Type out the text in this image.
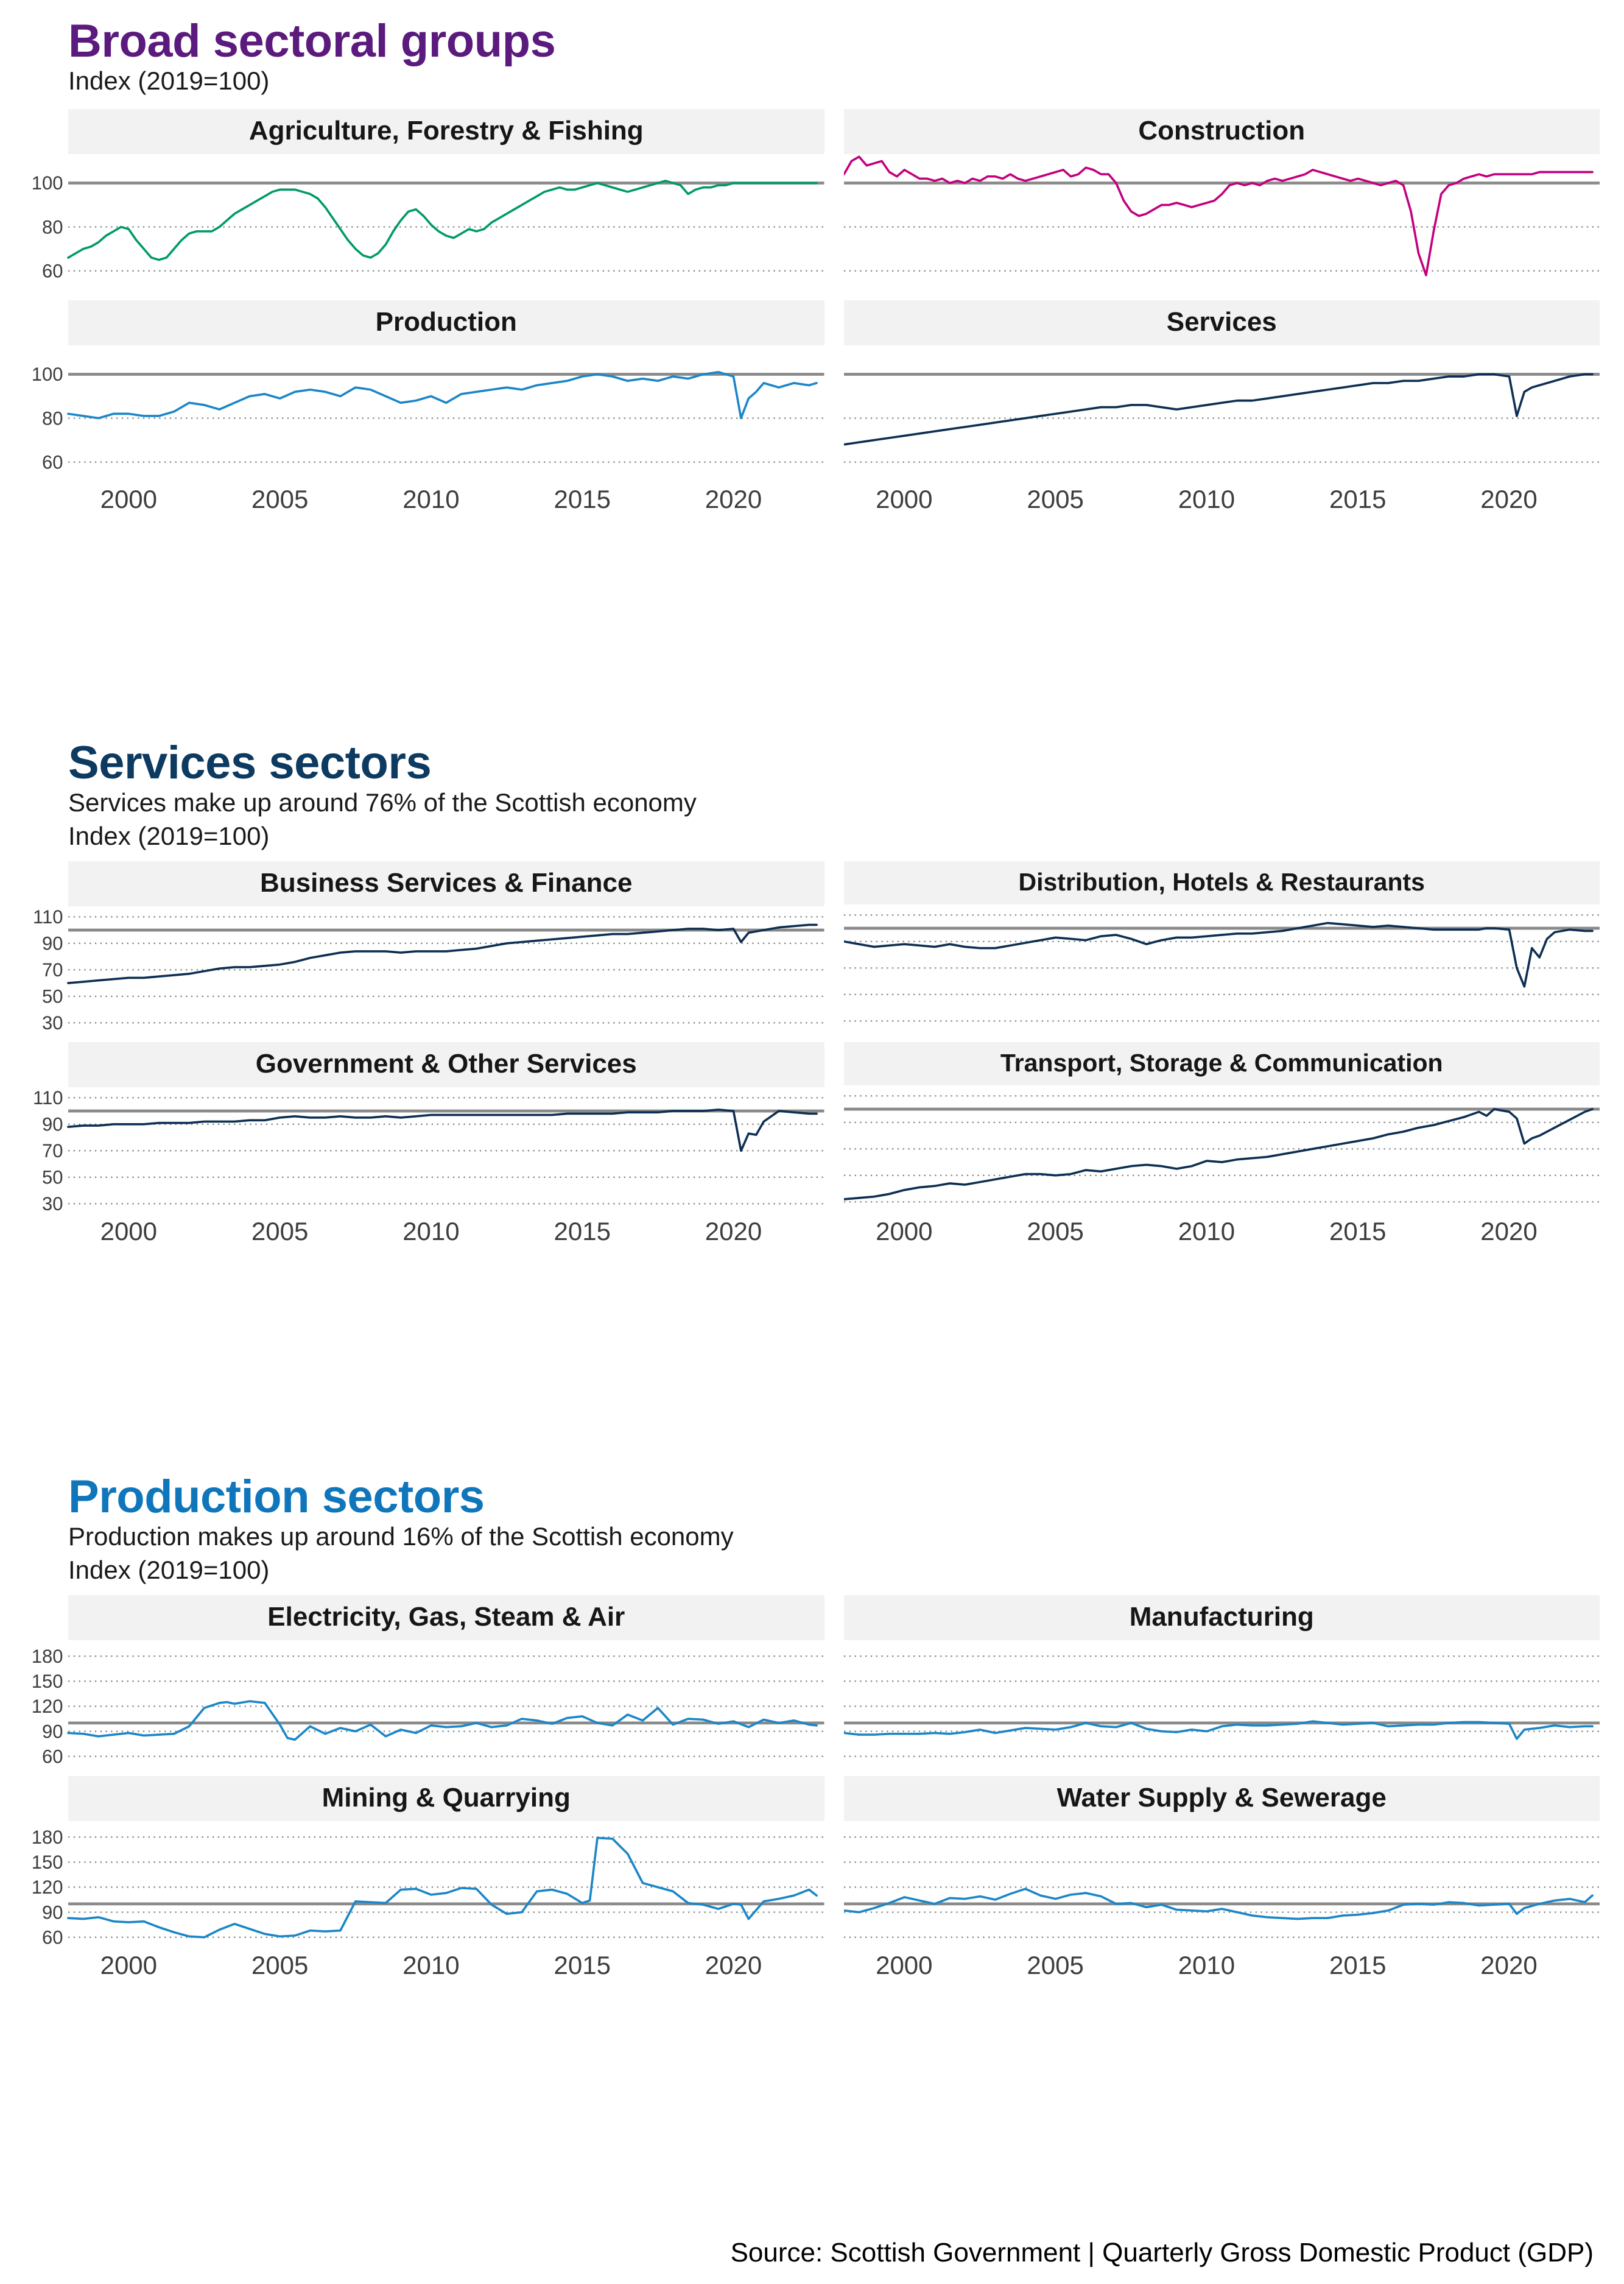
Broad sectoral groups
Index (2019=100)
Agriculture, Forestry & Fishing
60
80
100
Construction
Production
60
80
100
Services
2000	2005	2010	2015	2020	2000	2005	2010	2015	2020
Services sectors
Services make up around 76% of the Scottish economy
Index (2019=100)
Business Services & Finance
30
50
70
90
110
Distribution, Hotels & Restaurants
Government & Other Services
30
50
70
90
110
Transport, Storage & Communication
2000	2005	2010	2015	2020	2000	2005	2010	2015	2020
Production sectors
Production makes up around 16% of the Scottish economy
Index (2019=100)
Electricity, Gas, Steam & Air
60
90
120
150
180
Manufacturing
Mining & Quarrying
60
90
120
150
180
Water Supply & Sewerage
2000	2005	2010	2015	2020	2000	2005	2010	2015	2020
Source: Scottish Government | Quarterly Gross Domestic Product (GDP)
